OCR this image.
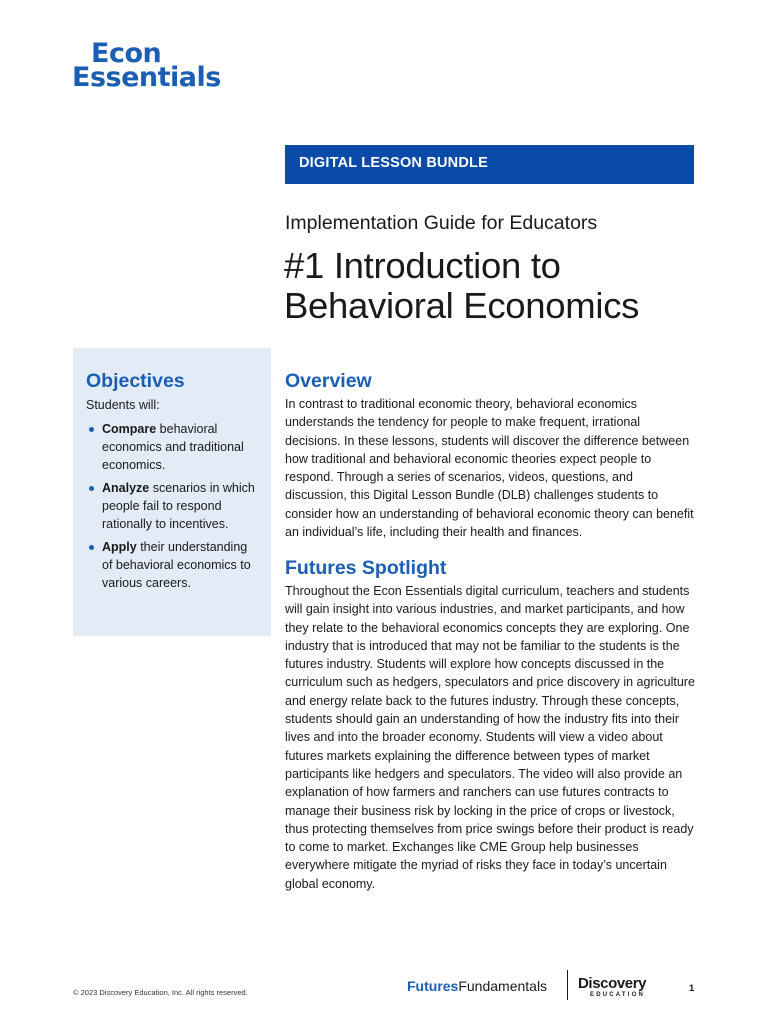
Econ
Essentials
DIGITAL LESSON BUNDLE
Implementation Guide for Educators
#1 Introduction to
Behavioral Economics
Objectives

Students will:

Compare behavioral economics and traditional economics.
Analyze scenarios in which people fail to respond rationally to incentives.
Apply their understanding of behavioral economics to various careers.
Overview

In contrast to traditional economic theory, behavioral economics understands the tendency for people to make frequent, irrational decisions. In these lessons, students will discover the difference between how traditional and behavioral economic theories expect people to respond. Through a series of scenarios, videos, questions, and discussion, this Digital Lesson Bundle (DLB) challenges students to consider how an understanding of behavioral economic theory can benefit an individual’s life, including their health and finances.

Futures Spotlight

Throughout the Econ Essentials digital curriculum, teachers and students will gain insight into various industries, and market participants, and how they relate to the behavioral economics concepts they are exploring. One industry that is introduced that may not be familiar to the students is the futures industry. Students will explore how concepts discussed in the curriculum such as hedgers, speculators and price discovery in agriculture and energy relate back to the futures industry. Through these concepts, students should gain an understanding of how the industry fits into their lives and into the broader economy. Students will view a video about futures markets explaining the difference between types of market participants like hedgers and speculators. The video will also provide an explanation of how farmers and ranchers can use futures contracts to manage their business risk by locking in the price of crops or livestock, thus protecting themselves from price swings before their product is ready to come to market. Exchanges like CME Group help businesses everywhere mitigate the myriad of risks they face in today’s uncertain global economy.

© 2023 Discovery Education, Inc. All rights reserved.	FuturesFundamentals Discovery
EDUCATION
1
